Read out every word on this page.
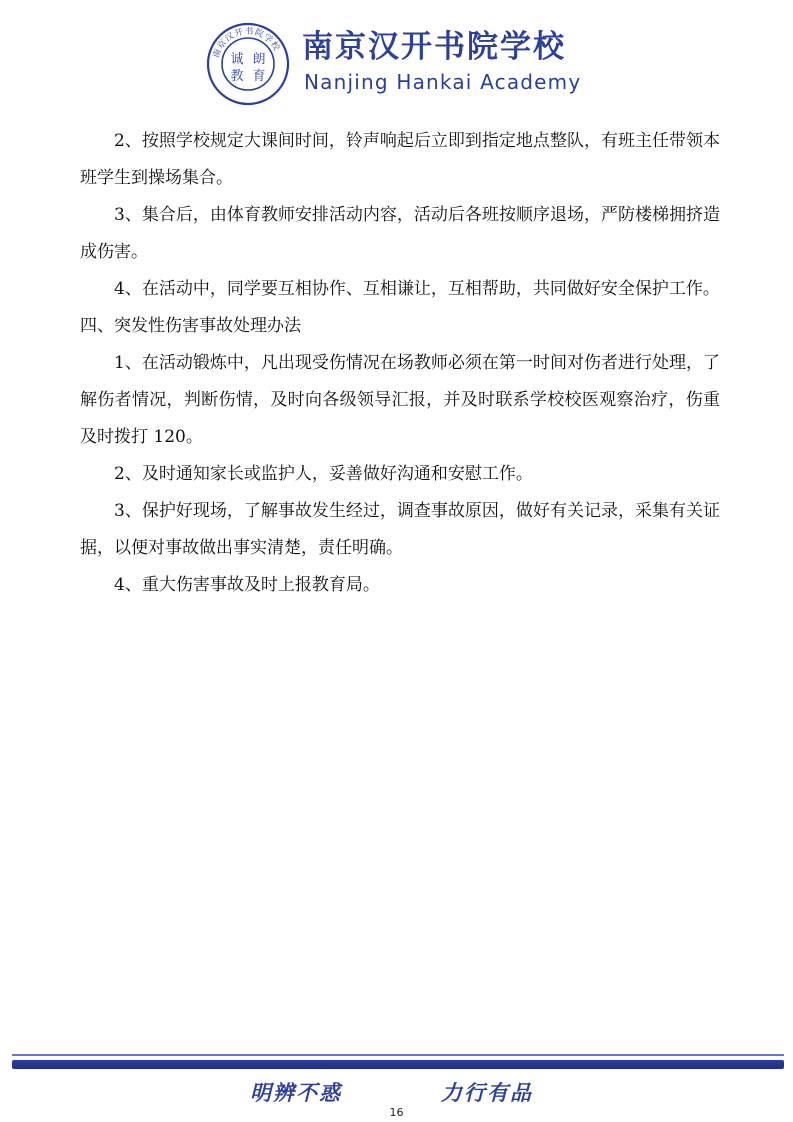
南京汉开书院学校
诚 朗
教 育
南京汉开书院学校
Nanjing Hankai Academy

2、按照学校规定大课间时间，铃声响起后立即到指定地点整队，有班主任带领本班学生到操场集合。

3、集合后，由体育教师安排活动内容，活动后各班按顺序退场，严防楼梯拥挤造成伤害。

4、在活动中，同学要互相协作、互相谦让，互相帮助，共同做好安全保护工作。

四、突发性伤害事故处理办法

1、在活动锻炼中，凡出现受伤情况在场教师必须在第一时间对伤者进行处理，了解伤者情况，判断伤情，及时向各级领导汇报，并及时联系学校校医观察治疗，伤重及时拨打 120。

2、及时通知家长或监护人，妥善做好沟通和安慰工作。

3、保护好现场，了解事故发生经过，调查事故原因，做好有关记录，采集有关证据，以便对事故做出事实清楚，责任明确。

4、重大伤害事故及时上报教育局。

明辨不惑	力行有品
16
